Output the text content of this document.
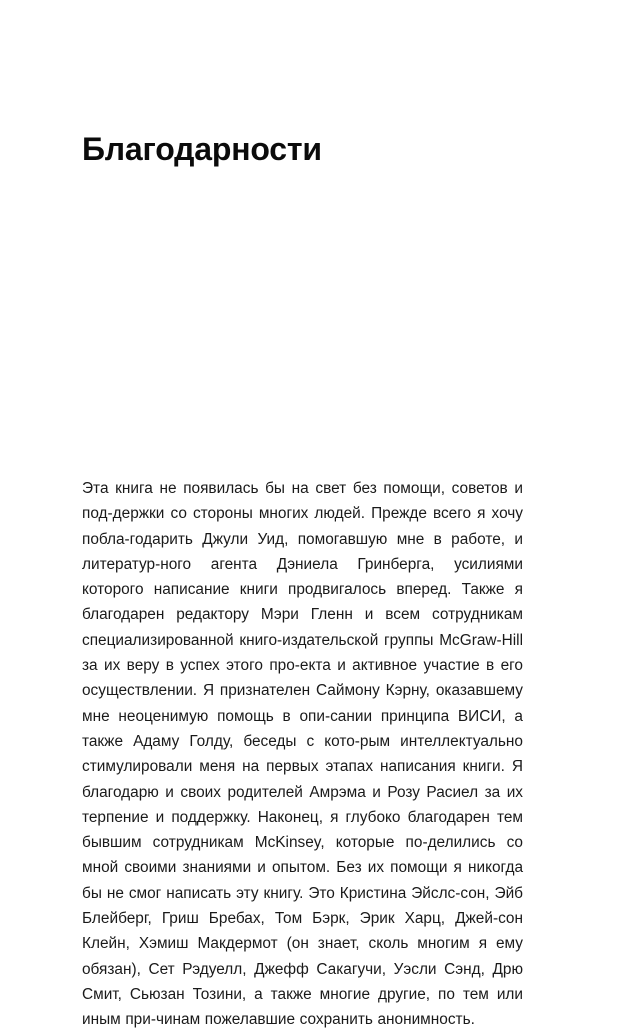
Благодарности

Эта книга не появилась бы на свет без помощи, советов и под-держки со стороны многих людей. Прежде всего я хочу побла-годарить Джули Уид, помогавшую мне в работе, и литератур-ного агента Дэниела Гринберга, усилиями которого написание книги продвигалось вперед. Также я благодарен редактору Мэри Гленн и всем сотрудникам специализированной книго-издательской группы McGraw-Hill за их веру в успех этого про-екта и активное участие в его осуществлении. Я признателен Саймону Кэрну, оказавшему мне неоценимую помощь в опи-сании принципа ВИСИ, а также Адаму Голду, беседы с кото-рым интеллектуально стимулировали меня на первых этапах написания книги. Я благодарю и своих родителей Амрэма и Розу Расиел за их терпение и поддержку. Наконец, я глубоко благодарен тем бывшим сотрудникам McKinsey, которые по-делились со мной своими знаниями и опытом. Без их помощи я никогда бы не смог написать эту книгу. Это Кристина Эйслс-сон, Эйб Блейберг, Гриш Бребах, Том Бэрк, Эрик Харц, Джей-сон Клейн, Хэмиш Макдермот (он знает, сколь многим я ему обязан), Сет Рэдуелл, Джефф Сакагучи, Уэсли Сэнд, Дрю Смит, Сьюзан Тозини, а также многие другие, по тем или иным при-чинам пожелавшие сохранить анонимность.
